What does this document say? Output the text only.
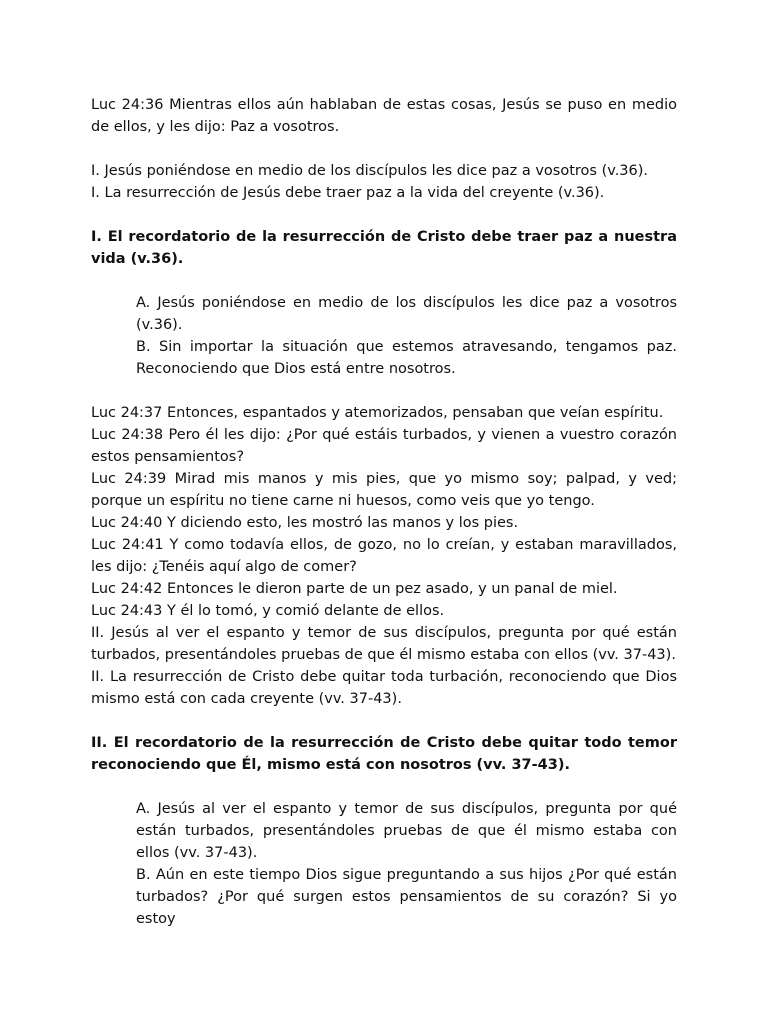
Luc 24:36 Mientras ellos aún hablaban de estas cosas, Jesús se puso en medio de ellos, y les dijo: Paz a vosotros.

I. Jesús poniéndose en medio de los discípulos les dice paz a vosotros (v.36).

I. La resurrección de Jesús debe traer paz a la vida del creyente (v.36).

I. El recordatorio de la resurrección de Cristo debe traer paz a nuestra vida (v.36).

A. Jesús poniéndose en medio de los discípulos les dice paz a vosotros (v.36).

B. Sin importar la situación que estemos atravesando, tengamos paz. Reconociendo que Dios está entre nosotros.

Luc 24:37 Entonces, espantados y atemorizados, pensaban que veían espíritu.

Luc 24:38 Pero él les dijo: ¿Por qué estáis turbados, y vienen a vuestro corazón estos pensamientos?

Luc 24:39 Mirad mis manos y mis pies, que yo mismo soy; palpad, y ved; porque un espíritu no tiene carne ni huesos, como veis que yo tengo.

Luc 24:40 Y diciendo esto, les mostró las manos y los pies.

Luc 24:41 Y como todavía ellos, de gozo, no lo creían, y estaban maravillados, les dijo: ¿Tenéis aquí algo de comer?

Luc 24:42 Entonces le dieron parte de un pez asado, y un panal de miel.

Luc 24:43 Y él lo tomó, y comió delante de ellos.

II. Jesús al ver el espanto y temor de sus discípulos, pregunta por qué están turbados, presentándoles pruebas de que él mismo estaba con ellos (vv. 37-43).

II. La resurrección de Cristo debe quitar toda turbación, reconociendo que Dios mismo está con cada creyente (vv. 37-43).

II. El recordatorio de la resurrección de Cristo debe quitar todo temor reconociendo que Él, mismo está con nosotros (vv. 37-43).

A. Jesús al ver el espanto y temor de sus discípulos, pregunta por qué están turbados, presentándoles pruebas de que él mismo estaba con ellos (vv. 37-43).

B. Aún en este tiempo Dios sigue preguntando a sus hijos ¿Por qué están turbados? ¿Por qué surgen estos pensamientos de su corazón? Si yo estoy
